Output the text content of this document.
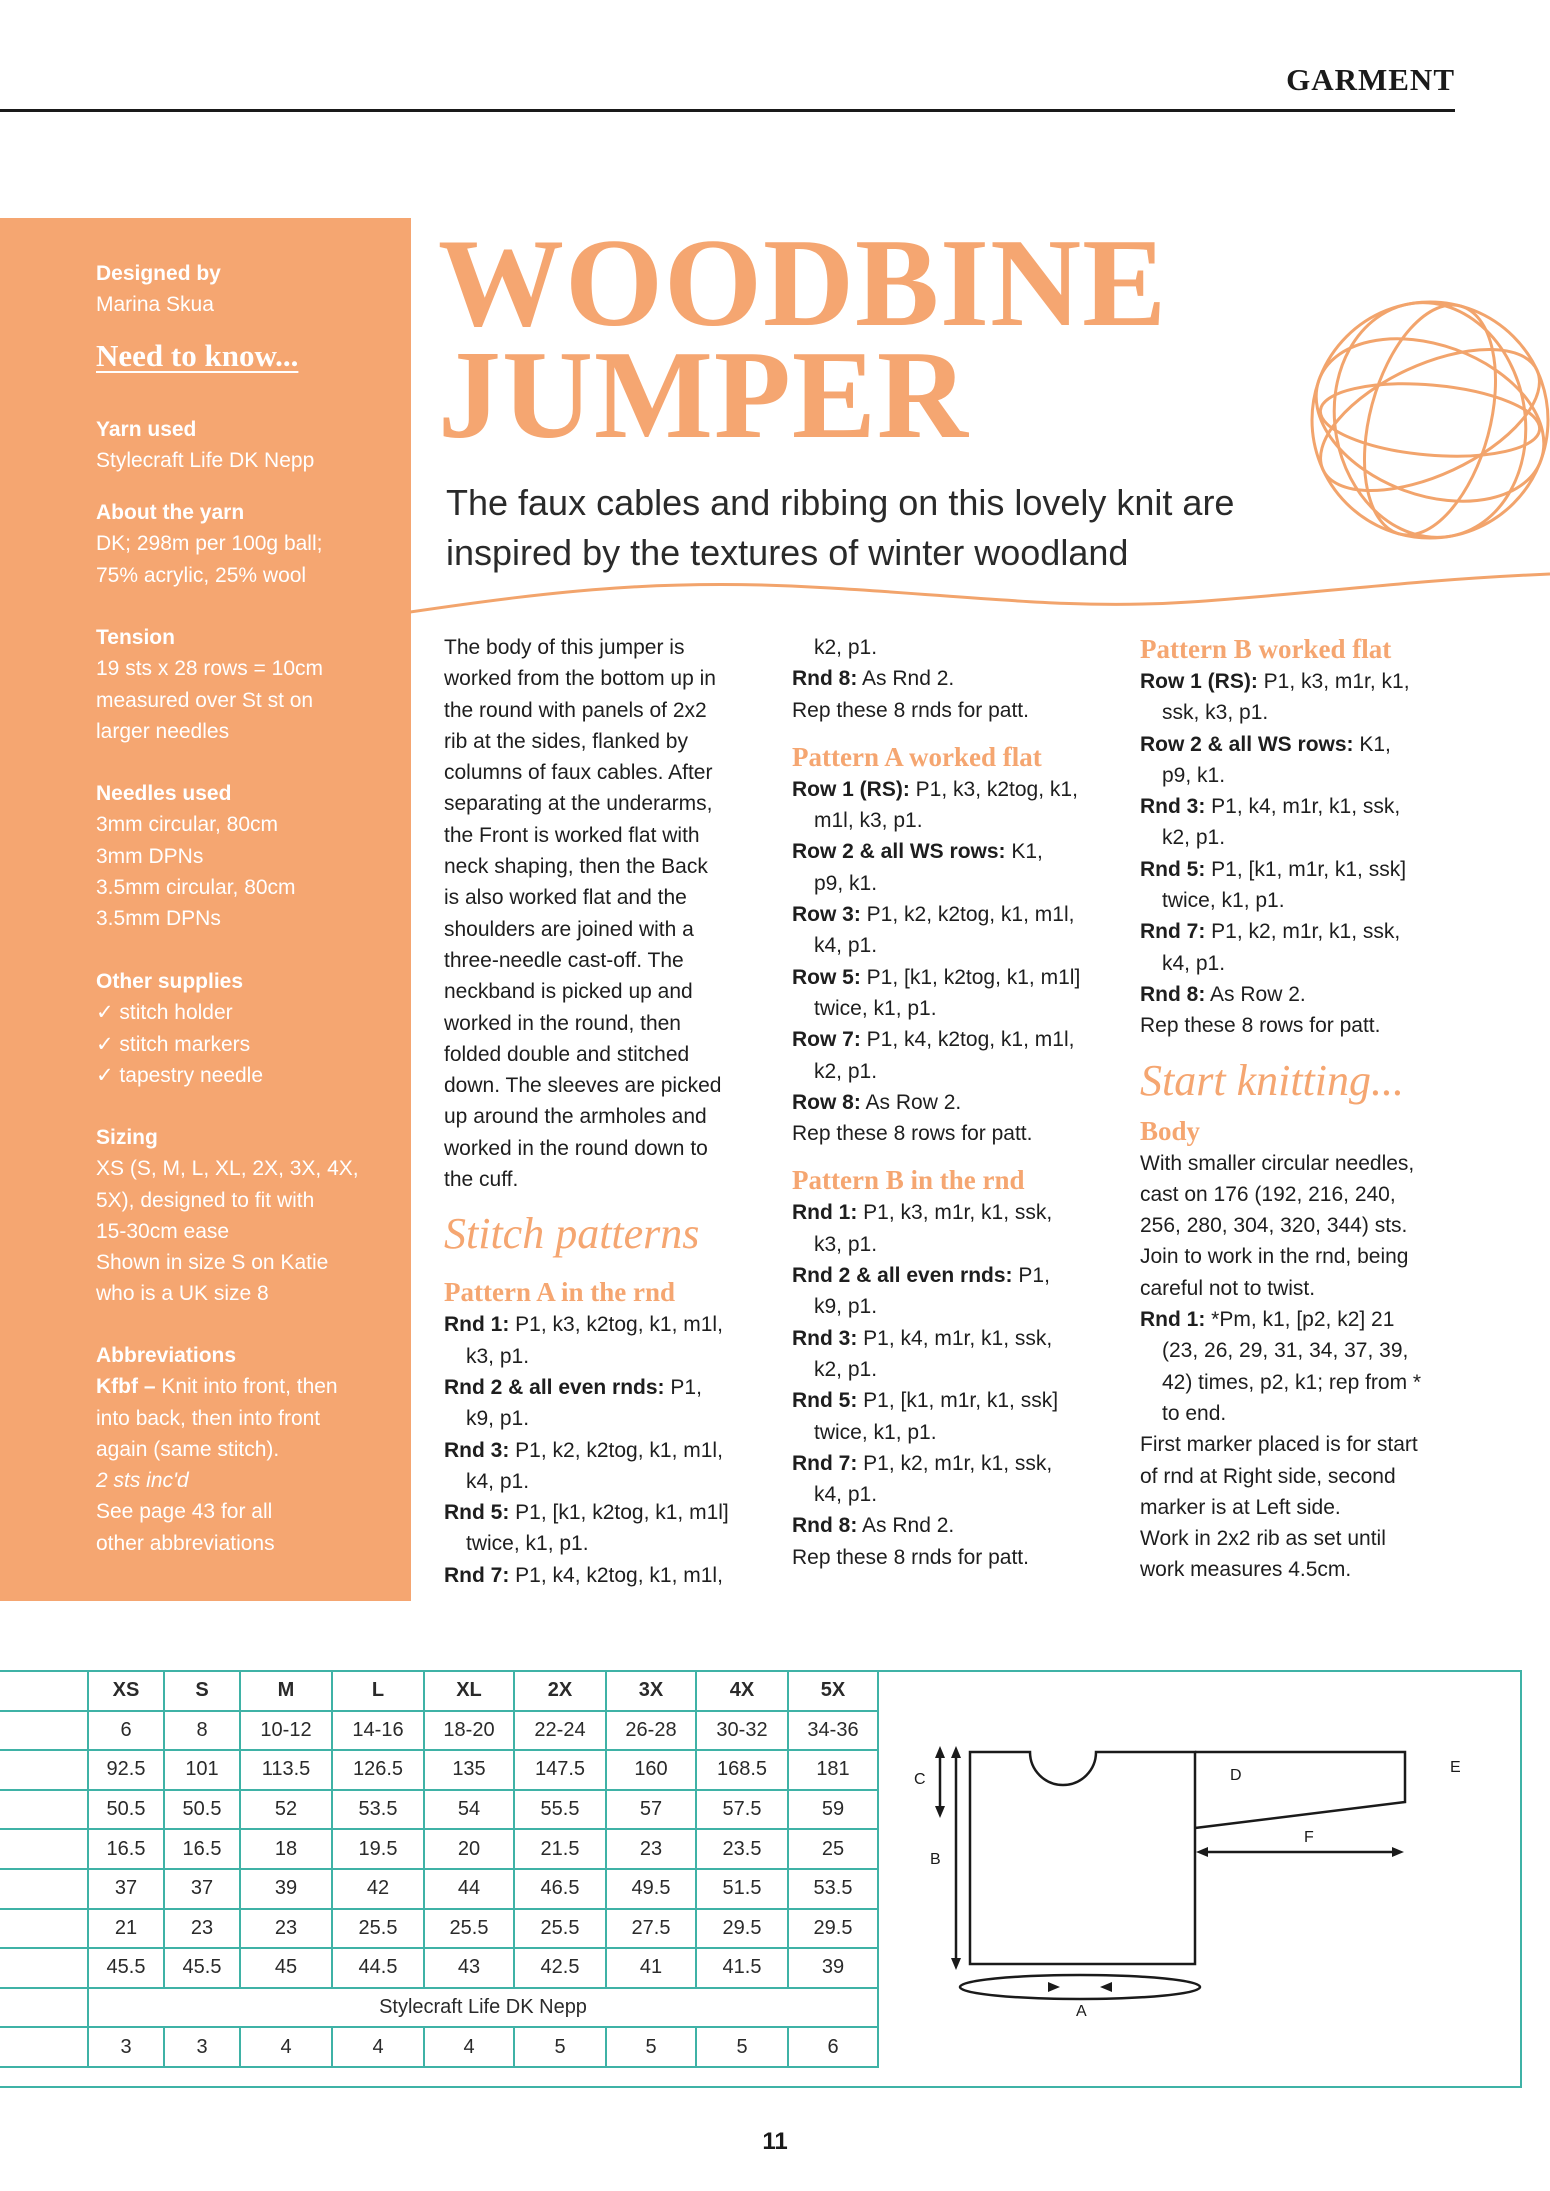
GARMENT
Designed by
Marina Skua
Need to know...
Yarn used
Stylecraft Life DK Nepp
About the yarn
DK; 298m per 100g ball;
75% acrylic, 25% wool
Tension
19 sts x 28 rows = 10cm
measured over St st on
larger needles
Needles used
3mm circular, 80cm
3mm DPNs
3.5mm circular, 80cm
3.5mm DPNs
Other supplies
✓ stitch holder
✓ stitch markers
✓ tapestry needle
Sizing
XS (S, M, L, XL, 2X, 3X, 4X,
5X), designed to fit with
15-30cm ease
Shown in size S on Katie
who is a UK size 8
Abbreviations
Kfbf – Knit into front, then
into back, then into front
again (same stitch).
2 sts inc'd
See page 43 for all
other abbreviations
WOODBINE
JUMPER
The faux cables and ribbing on this lovely knit are
inspired by the textures of winter woodland
The body of this jumper is
worked from the bottom up in
the round with panels of 2x2
rib at the sides, flanked by
columns of faux cables. After
separating at the underarms,
the Front is worked flat with
neck shaping, then the Back
is also worked flat and the
shoulders are joined with a
three-needle cast-off. The
neckband is picked up and
worked in the round, then
folded double and stitched
down. The sleeves are picked
up around the armholes and
worked in the round down to
the cuff.
Stitch patterns
Pattern A in the rnd
Rnd 1: P1, k3, k2tog, k1, m1l,
k3, p1.
Rnd 2 & all even rnds: P1,
k9, p1.
Rnd 3: P1, k2, k2tog, k1, m1l,
k4, p1.
Rnd 5: P1, [k1, k2tog, k1, m1l]
twice, k1, p1.
Rnd 7: P1, k4, k2tog, k1, m1l,
k2, p1.
Rnd 8: As Rnd 2.
Rep these 8 rnds for patt.
Pattern A worked flat
Row 1 (RS): P1, k3, k2tog, k1,
m1l, k3, p1.
Row 2 & all WS rows: K1,
p9, k1.
Row 3: P1, k2, k2tog, k1, m1l,
k4, p1.
Row 5: P1, [k1, k2tog, k1, m1l]
twice, k1, p1.
Row 7: P1, k4, k2tog, k1, m1l,
k2, p1.
Row 8: As Row 2.
Rep these 8 rows for patt.
Pattern B in the rnd
Rnd 1: P1, k3, m1r, k1, ssk,
k3, p1.
Rnd 2 & all even rnds: P1,
k9, p1.
Rnd 3: P1, k4, m1r, k1, ssk,
k2, p1.
Rnd 5: P1, [k1, m1r, k1, ssk]
twice, k1, p1.
Rnd 7: P1, k2, m1r, k1, ssk,
k4, p1.
Rnd 8: As Rnd 2.
Rep these 8 rnds for patt.
Pattern B worked flat
Row 1 (RS): P1, k3, m1r, k1,
ssk, k3, p1.
Row 2 & all WS rows: K1,
p9, k1.
Rnd 3: P1, k4, m1r, k1, ssk,
k2, p1.
Rnd 5: P1, [k1, m1r, k1, ssk]
twice, k1, p1.
Rnd 7: P1, k2, m1r, k1, ssk,
k4, p1.
Rnd 8: As Row 2.
Rep these 8 rows for patt.
Start knitting...
Body
With smaller circular needles,
cast on 176 (192, 216, 240,
256, 280, 304, 320, 344) sts.
Join to work in the rnd, being
careful not to twist.
Rnd 1: *Pm, k1, [p2, k2] 21
(23, 26, 29, 31, 34, 37, 39,
42) times, p2, k1; rep from *
to end.
First marker placed is for start
of rnd at Right side, second
marker is at Left side.
Work in 2x2 rib as set until
work measures 4.5cm.
	XS	S	M	L	XL	2X	3X	4X	5X
	6	8	10-12	14-16	18-20	22-24	26-28	30-32	34-36
	92.5	101	113.5	126.5	135	147.5	160	168.5	181
	50.5	50.5	52	53.5	54	55.5	57	57.5	59
	16.5	16.5	18	19.5	20	21.5	23	23.5	25
	37	37	39	42	44	46.5	49.5	51.5	53.5
	21	23	23	25.5	25.5	25.5	27.5	29.5	29.5
	45.5	45.5	45	44.5	43	42.5	41	41.5	39
	Stylecraft Life DK Nepp								
	3	3	4	4	4	5	5	5	6
A
B
C	D	E
F
11
